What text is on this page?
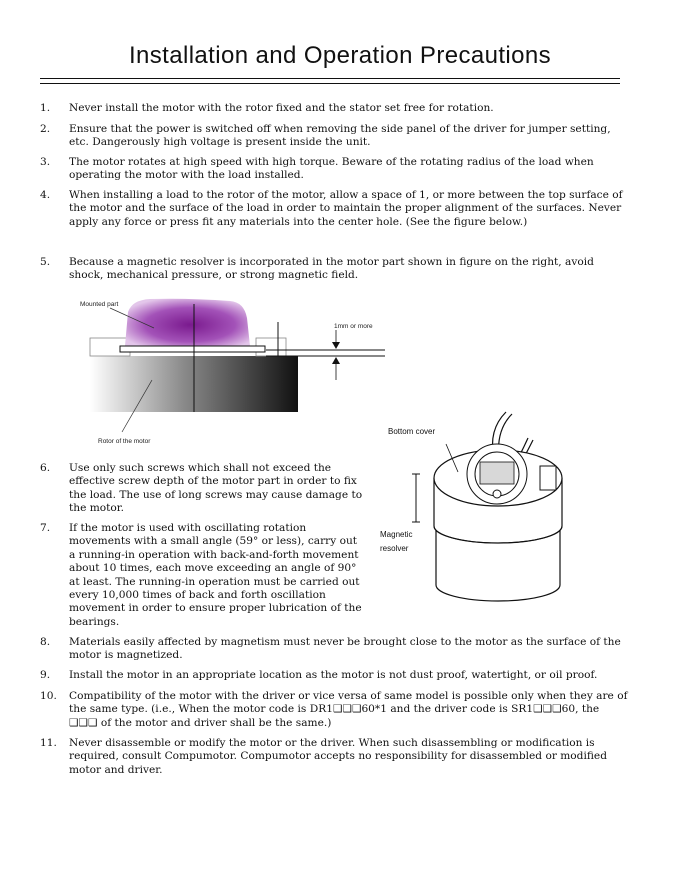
Installation and Operation Precautions
1. Never install the motor with the rotor fixed and the stator set free for rotation.
2. Ensure that the power is switched off when removing the side panel of the driver for jumper setting, etc. Dangerously high voltage is present inside the unit.
3. The motor rotates at high speed with high torque. Beware of the rotating radius of the load when operating the motor with the load installed.
4. When installing a load to the rotor of the motor, allow a space of 1, or more between the top surface of the motor and the surface of the load in order to maintain the proper alignment of the surfaces. Never apply any force or press fit any materials into the center hole. (See the figure below.)
5. Because a magnetic resolver is incorporated in the motor part shown in figure on the right, avoid shock, mechanical pressure, or strong magnetic field.
Mounted part
1mm or more
Rotor of the motor
Bottom cover
Magnetic
resolver
6. Use only such screws which shall not exceed the effective screw depth of the motor part in order to fix the load. The use of long screws may cause damage to the motor.
7. If the motor is used with oscillating rotation movements with a small angle (59° or less), carry out a running-in operation with back-and-forth movement about 10 times, each move exceeding an angle of 90° at least. The running-in operation must be carried out every 10,000 times of back and forth oscillation movement in order to ensure proper lubrication of the bearings.
8. Materials easily affected by magnetism must never be brought close to the motor as the surface of the motor is magnetized.
9. Install the motor in an appropriate location as the motor is not dust proof, watertight, or oil proof.
10. Compatibility of the motor with the driver or vice versa of same model is possible only when they are of the same type. (i.e., When the motor code is DR1❑❑❑60*1 and the driver code is SR1❑❑❑60, the ❑❑❑ of the motor and driver shall be the same.)
11. Never disassemble or modify the motor or the driver. When such disassembling or modification is required, consult Compumotor. Compumotor accepts no responsibility for disassembled or modified motor and driver.
